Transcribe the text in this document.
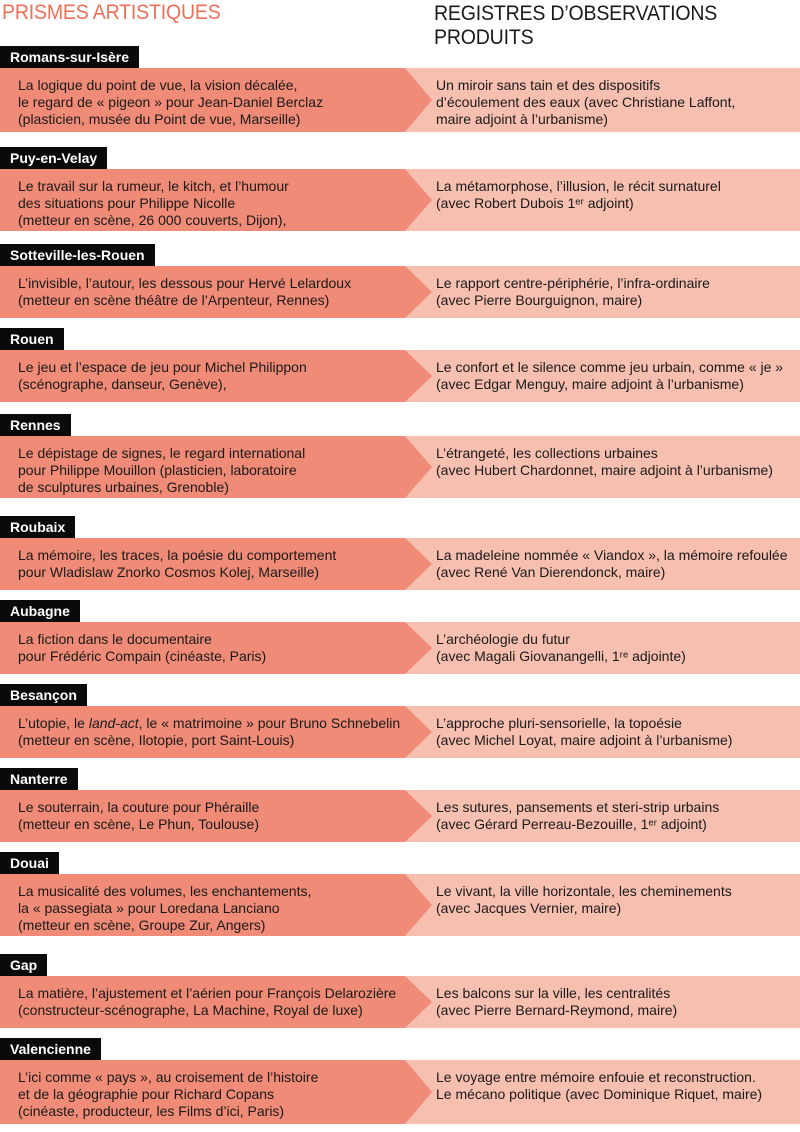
PRISMES ARTISTIQUES	REGISTRES D’OBSERVATIONS
PRODUITS
Romans-sur-Isère
La logique du point de vue, la vision décalée,
le regard de « pigeon » pour Jean-Daniel Berclaz
(plasticien, musée du Point de vue, Marseille)
Un miroir sans tain et des dispositifs
d’écoulement des eaux (avec Christiane Laffont,
maire adjoint à l’urbanisme)
Puy-en-Velay
Le travail sur la rumeur, le kitch, et l’humour
des situations pour Philippe Nicolle
(metteur en scène, 26 000 couverts, Dijon),
La métamorphose, l’illusion, le récit surnaturel
(avec Robert Dubois 1ᵉʳ adjoint)
Sotteville-les-Rouen
L’invisible, l’autour, les dessous pour Hervé Lelardoux
(metteur en scène théâtre de l’Arpenteur, Rennes)
Le rapport centre-périphérie, l’infra-ordinaire
(avec Pierre Bourguignon, maire)
Rouen
Le jeu et l’espace de jeu pour Michel Philippon
(scénographe, danseur, Genève),
Le confort et le silence comme jeu urbain, comme « je »
(avec Edgar Menguy, maire adjoint à l’urbanisme)
Rennes
Le dépistage de signes, le regard international
pour Philippe Mouillon (plasticien, laboratoire
de sculptures urbaines, Grenoble)
L’étrangeté, les collections urbaines
(avec Hubert Chardonnet, maire adjoint à l’urbanisme)
Roubaix
La mémoire, les traces, la poésie du comportement
pour Wladislaw Znorko Cosmos Kolej, Marseille)
La madeleine nommée « Viandox », la mémoire refoulée
(avec René Van Dierendonck, maire)
Aubagne
La fiction dans le documentaire
pour Frédéric Compain (cinéaste, Paris)
L’archéologie du futur
(avec Magali Giovanangelli, 1ʳᵉ adjointe)
Besançon
L’utopie, le land-act, le « matrimoine » pour Bruno Schnebelin
(metteur en scène, Ilotopie, port Saint-Louis)
L’approche pluri-sensorielle, la topoésie
(avec Michel Loyat, maire adjoint à l’urbanisme)
Nanterre
Le souterrain, la couture pour Phéraille
(metteur en scène, Le Phun, Toulouse)
Les sutures, pansements et steri-strip urbains
(avec Gérard Perreau-Bezouille, 1ᵉʳ adjoint)
Douai
La musicalité des volumes, les enchantements,
la « passegiata » pour Loredana Lanciano
(metteur en scène, Groupe Zur, Angers)
Le vivant, la ville horizontale, les cheminements
(avec Jacques Vernier, maire)
Gap
La matière, l’ajustement et l’aérien pour François Delarozière
(constructeur-scénographe, La Machine, Royal de luxe)
Les balcons sur la ville, les centralités
(avec Pierre Bernard-Reymond, maire)
Valencienne
L’ici comme « pays », au croisement de l’histoire
et de la géographie pour Richard Copans
(cinéaste, producteur, les Films d’ici, Paris)
Le voyage entre mémoire enfouie et reconstruction.
Le mécano politique (avec Dominique Riquet, maire)
